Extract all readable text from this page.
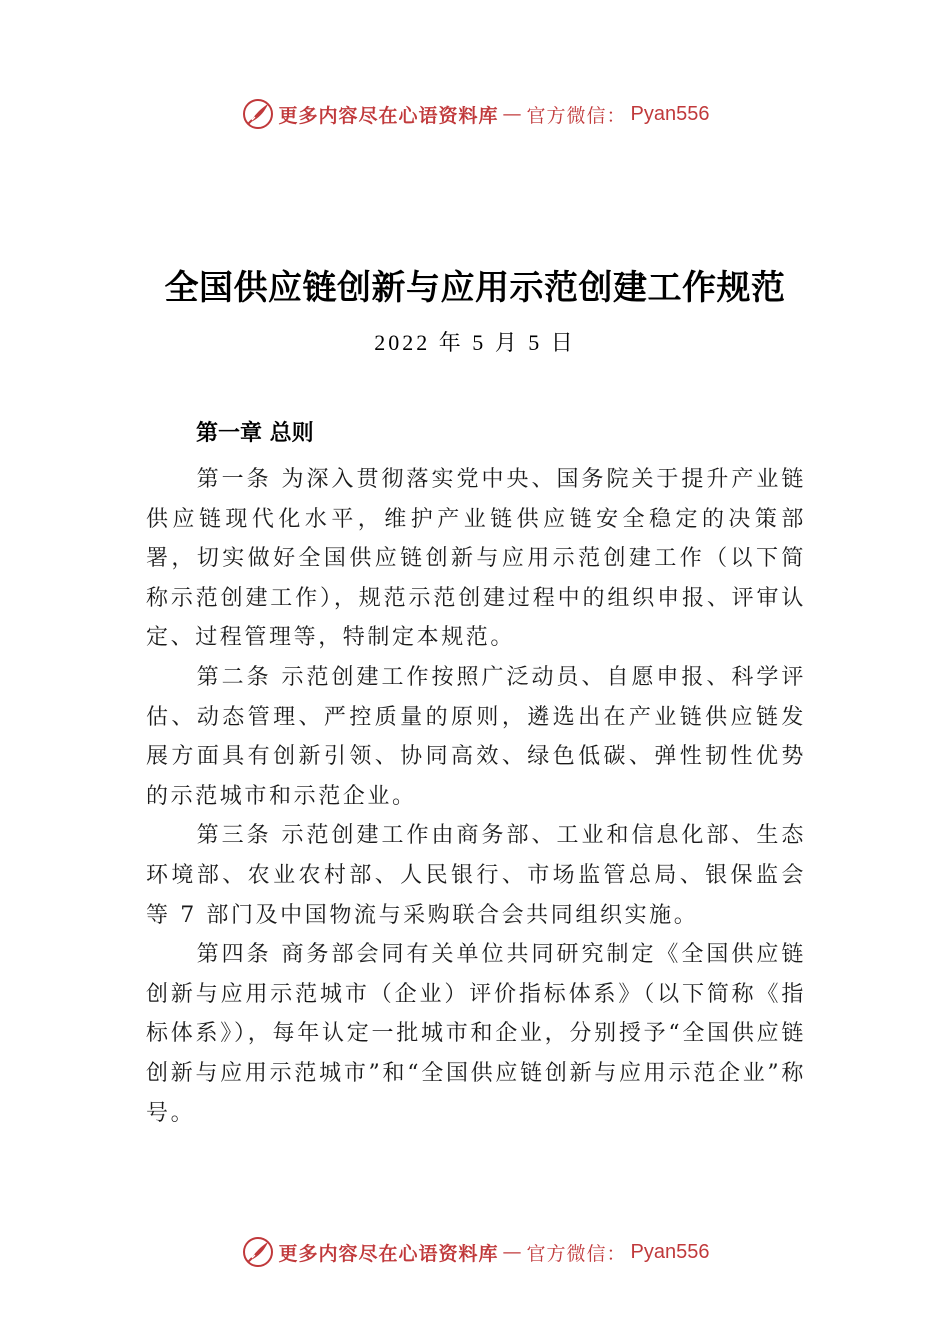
更多内容尽在心语资料库 — 官方微信： Pyan556
全国供应链创新与应用示范创建工作规范
2022 年 5 月 5 日
第一章 总则

第一条 为深入贯彻落实党中央、国务院关于提升产业链供应链现代化水平，维护产业链供应链安全稳定的决策部署，切实做好全国供应链创新与应用示范创建工作（以下简称示范创建工作），规范示范创建过程中的组织申报、评审认定、过程管理等，特制定本规范。

第二条 示范创建工作按照广泛动员、自愿申报、科学评估、动态管理、严控质量的原则，遴选出在产业链供应链发展方面具有创新引领、协同高效、绿色低碳、弹性韧性优势的示范城市和示范企业。

第三条 示范创建工作由商务部、工业和信息化部、生态环境部、农业农村部、人民银行、市场监管总局、银保监会等 7 部门及中国物流与采购联合会共同组织实施。

第四条 商务部会同有关单位共同研究制定《全国供应链创新与应用示范城市（企业）评价指标体系》（以下简称《指标体系》），每年认定一批城市和企业，分别授予“全国供应链创新与应用示范城市”和“全国供应链创新与应用示范企业”称号。

更多内容尽在心语资料库 — 官方微信： Pyan556
